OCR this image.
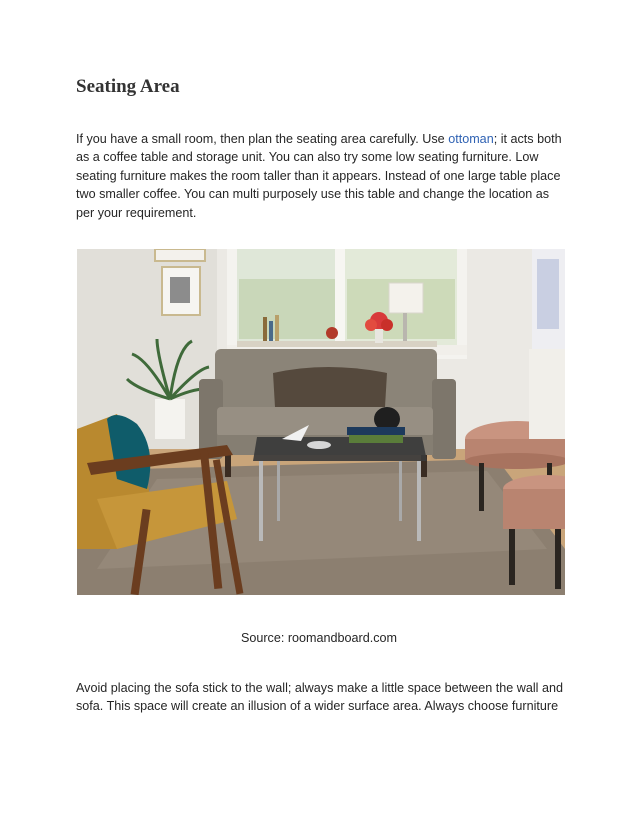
Seating Area

If you have a small room, then plan the seating area carefully. Use ottoman; it acts both as a coffee table and storage unit. You can also try some low seating furniture. Low seating furniture makes the room taller than it appears. Instead of one large table place two smaller coffee. You can multi purposely use this table and change the location as per your requirement.

Source: roomandboard.com

Avoid placing the sofa stick to the wall; always make a little space between the wall and sofa. This space will create an illusion of a wider surface area. Always choose furniture
